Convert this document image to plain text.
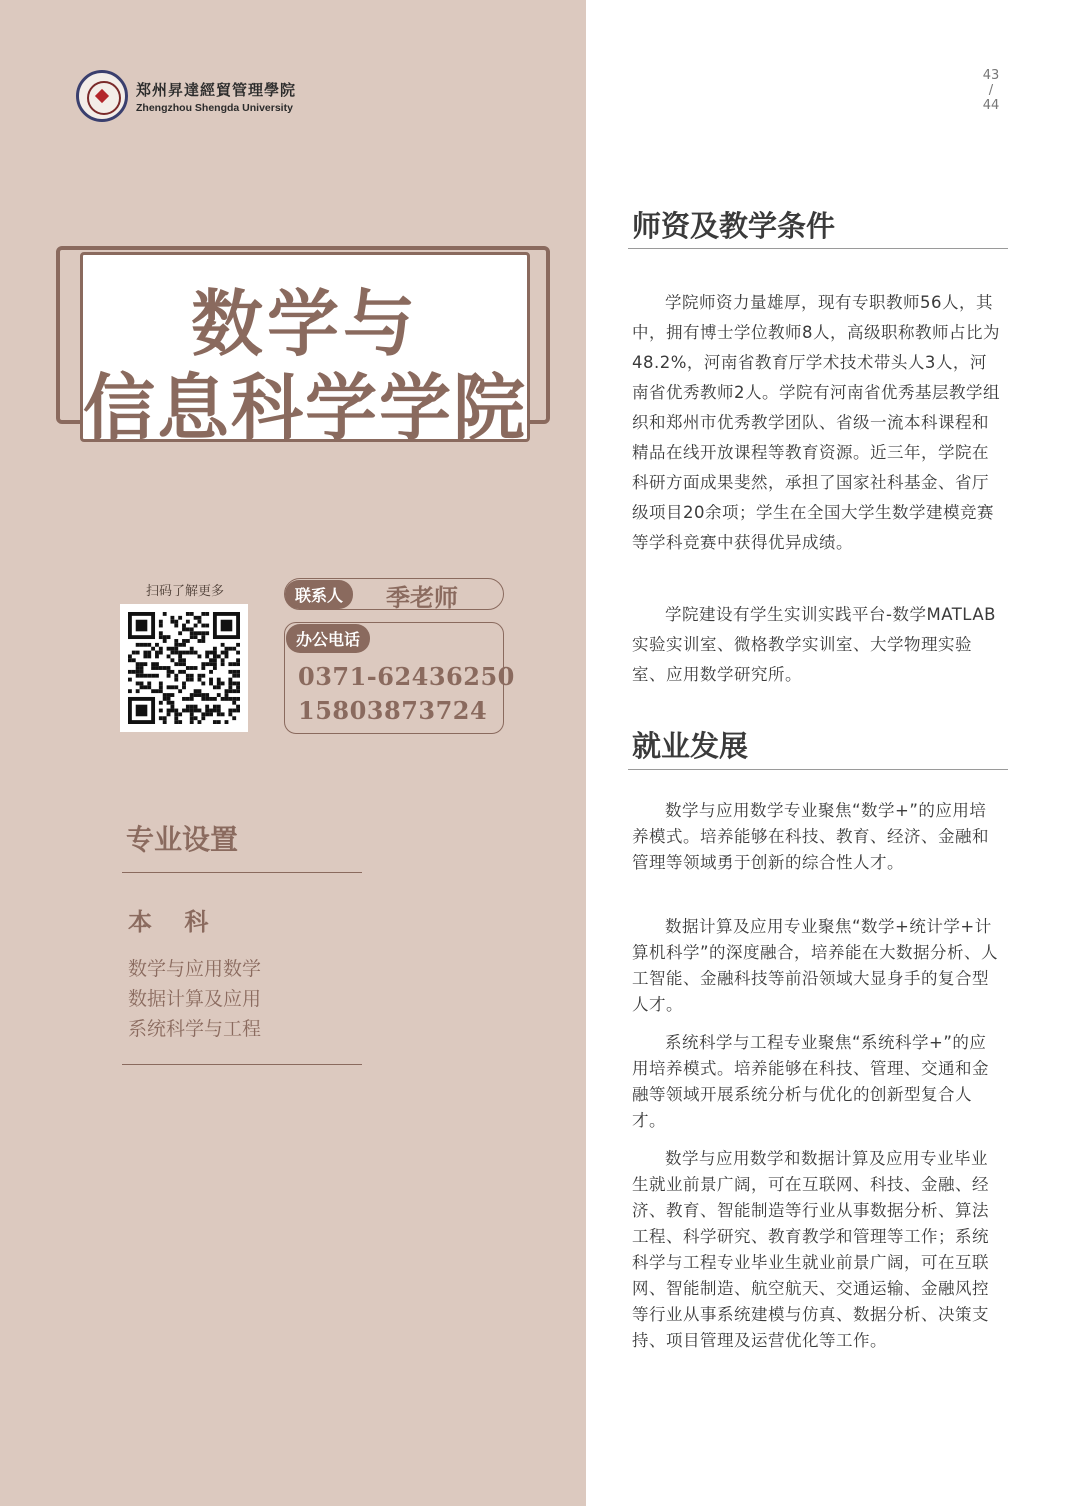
郑州昇達經貿管理學院
Zhengzhou Shengda University
43
/
44
数学与
信息科学学院
扫码了解更多	联系人	季老师
办公电话
0371-62436250
15803873724
专业设置
本 科
数学与应用数学
数据计算及应用
系统科学与工程
师资及教学条件
学院师资力量雄厚，现有专职教师56人，其中，拥有博士学位教师8人，高级职称教师占比为48.2%，河南省教育厅学术技术带头人3人，河南省优秀教师2人。学院有河南省优秀基层教学组织和郑州市优秀教学团队、省级一流本科课程和精品在线开放课程等教育资源。近三年，学院在科研方面成果斐然，承担了国家社科基金、省厅级项目20余项；学生在全国大学生数学建模竞赛等学科竞赛中获得优异成绩。
学院建设有学生实训实践平台-数学MATLAB实验实训室、微格教学实训室、大学物理实验室、应用数学研究所。
就业发展
数学与应用数学专业聚焦“数学+”的应用培养模式。培养能够在科技、教育、经济、金融和管理等领域勇于创新的综合性人才。
数据计算及应用专业聚焦“数学+统计学+计算机科学”的深度融合，培养能在大数据分析、人工智能、金融科技等前沿领域大显身手的复合型人才。
系统科学与工程专业聚焦“系统科学+”的应用培养模式。培养能够在科技、管理、交通和金融等领域开展系统分析与优化的创新型复合人才。
数学与应用数学和数据计算及应用专业毕业生就业前景广阔，可在互联网、科技、金融、经济、教育、智能制造等行业从事数据分析、算法工程、科学研究、教育教学和管理等工作；系统科学与工程专业毕业生就业前景广阔，可在互联网、智能制造、航空航天、交通运输、金融风控等行业从事系统建模与仿真、数据分析、决策支持、项目管理及运营优化等工作。
